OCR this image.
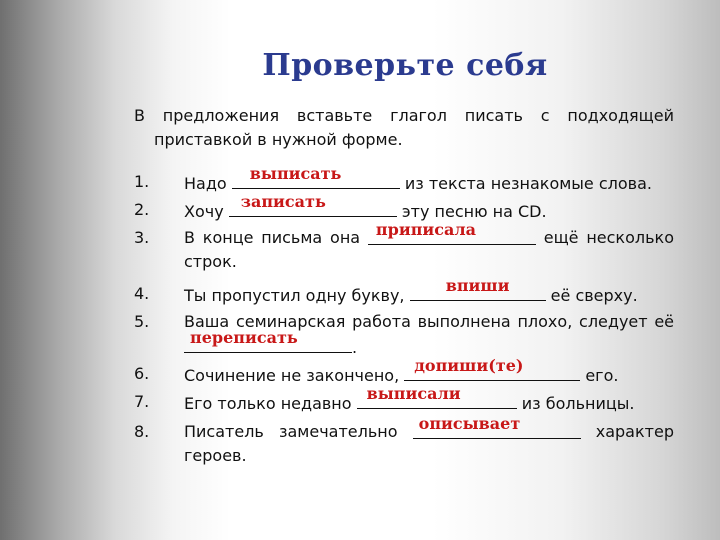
Проверьте себя
В предложения вставьте глагол писать с подходящей
приставкой в нужной форме.
1. Надо
выписать
из текста незнакомые слова.
2. Хочу
записать
эту песню на CD.
3. В конце письма она приписала	ещё несколько
строк.
4. Ты пропустил одну букву,
впиши
её сверху.
5. Ваша семинарская работа выполнена плохо, следует её
переписать
.
6. Сочинение не закончено,
допиши(те)
его.
7. Его только недавно
выписали
из больницы.
8. Писатель замечательно описывает	характер
героев.
